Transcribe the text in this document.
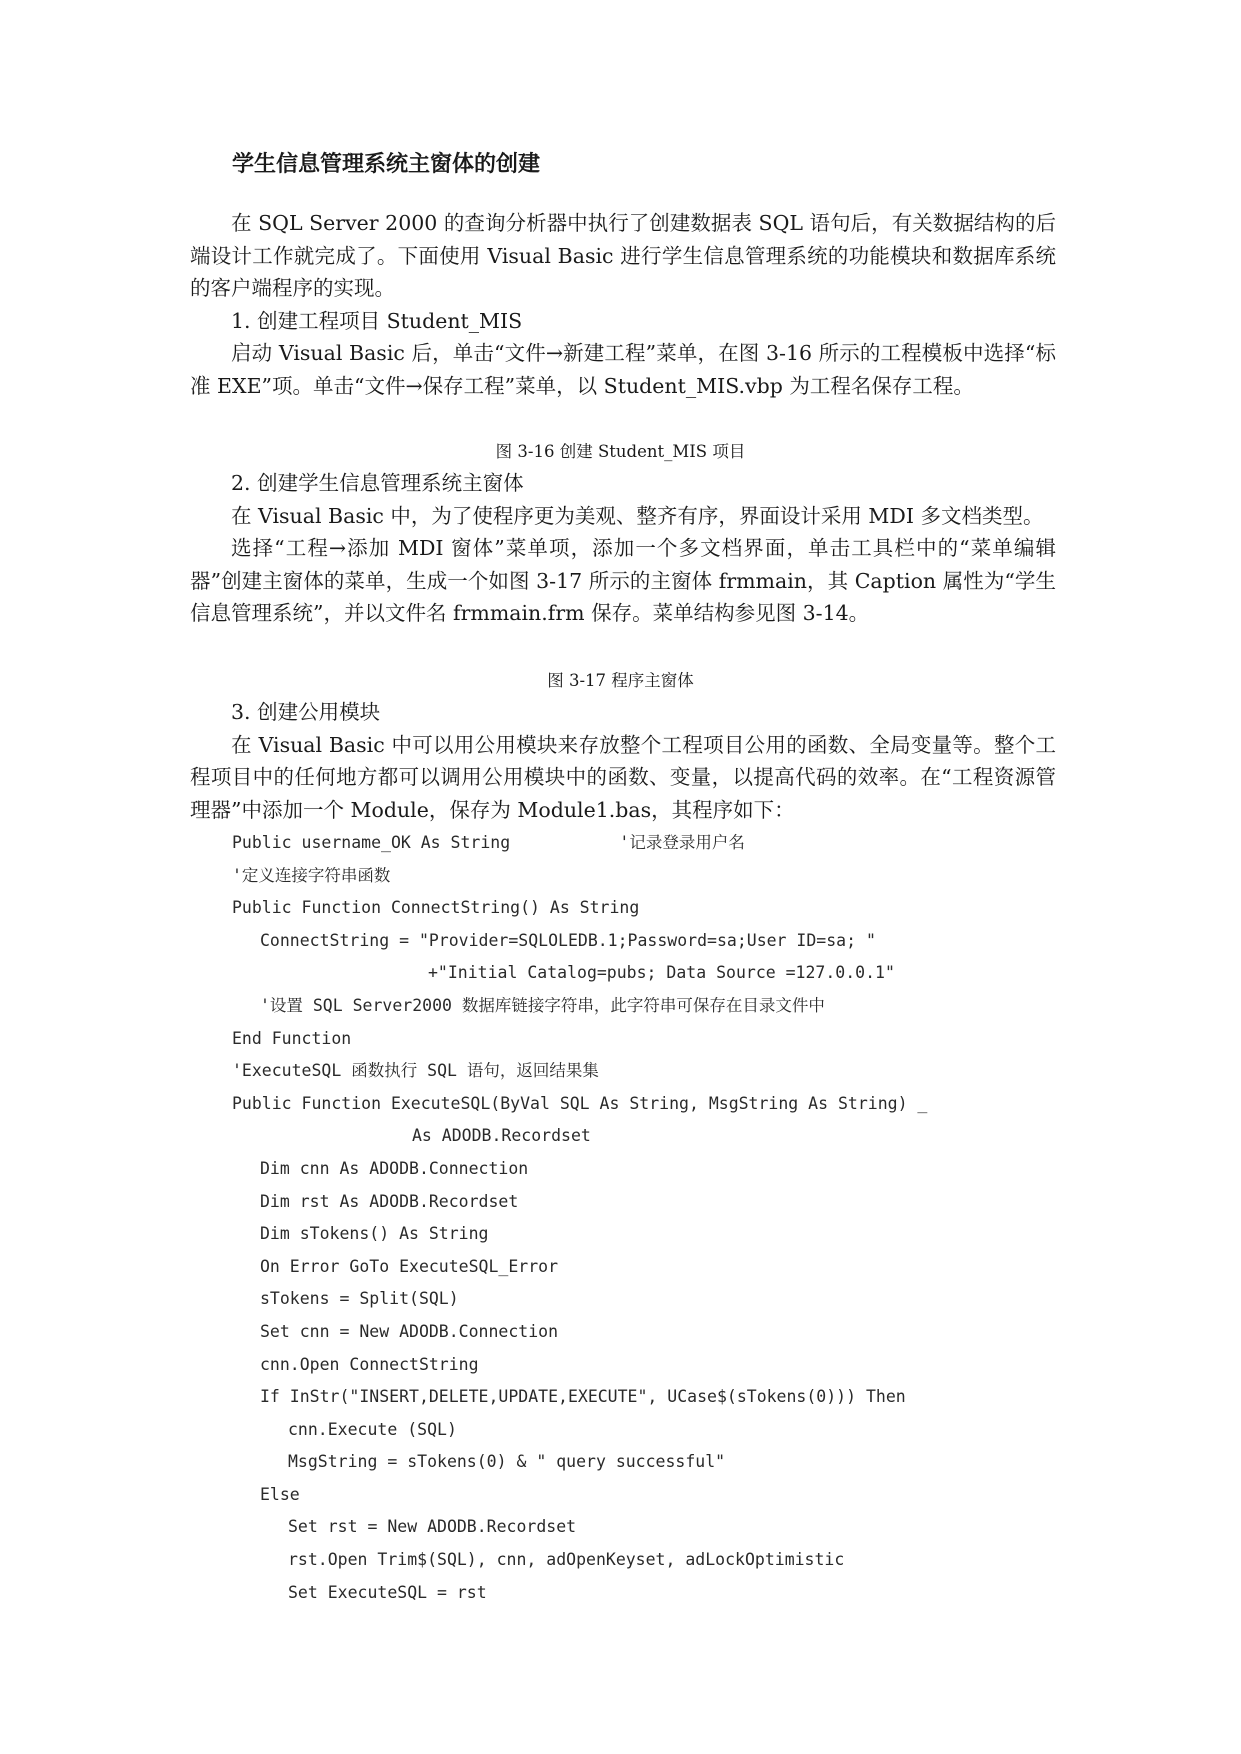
学生信息管理系统主窗体的创建

在 SQL Server 2000 的查询分析器中执行了创建数据表 SQL 语句后，有关数据结构的后端设计工作就完成了。下面使用 Visual Basic 进行学生信息管理系统的功能模块和数据库系统的客户端程序的实现。

1. 创建工程项目 Student_MIS

启动 Visual Basic 后，单击“文件→新建工程”菜单，在图 3-16 所示的工程模板中选择“标准 EXE”项。单击“文件→保存工程”菜单，以 Student_MIS.vbp 为工程名保存工程。

图 3-16 创建 Student_MIS 项目

2. 创建学生信息管理系统主窗体

在 Visual Basic 中，为了使程序更为美观、整齐有序，界面设计采用 MDI 多文档类型。

选择“工程→添加 MDI 窗体”菜单项，添加一个多文档界面，单击工具栏中的“菜单编辑器”创建主窗体的菜单，生成一个如图 3-17 所示的主窗体 frmmain，其 Caption 属性为“学生信息管理系统”，并以文件名 frmmain.frm 保存。菜单结构参见图 3-14。

图 3-17 程序主窗体

3. 创建公用模块

在 Visual Basic 中可以用公用模块来存放整个工程项目公用的函数、全局变量等。整个工程项目中的任何地方都可以调用公用模块中的函数、变量，以提高代码的效率。在“工程资源管理器”中添加一个 Module，保存为 Module1.bas，其程序如下：

Public username_OK As String           '记录登录用户名
'定义连接字符串函数
Public Function ConnectString() As String
ConnectString = "Provider=SQLOLEDB.1;Password=sa;User ID=sa; "
+"Initial Catalog=pubs; Data Source =127.0.0.1"
'设置 SQL Server2000 数据库链接字符串，此字符串可保存在目录文件中
End Function
'ExecuteSQL 函数执行 SQL 语句，返回结果集
Public Function ExecuteSQL(ByVal SQL As String, MsgString As String) _
As ADODB.Recordset
Dim cnn As ADODB.Connection
Dim rst As ADODB.Recordset
Dim sTokens() As String
On Error GoTo ExecuteSQL_Error
sTokens = Split(SQL)
Set cnn = New ADODB.Connection
cnn.Open ConnectString
If InStr("INSERT,DELETE,UPDATE,EXECUTE", UCase$(sTokens(0))) Then
cnn.Execute (SQL)
MsgString = sTokens(0) & " query successful"
Else
Set rst = New ADODB.Recordset
rst.Open Trim$(SQL), cnn, adOpenKeyset, adLockOptimistic
Set ExecuteSQL = rst
